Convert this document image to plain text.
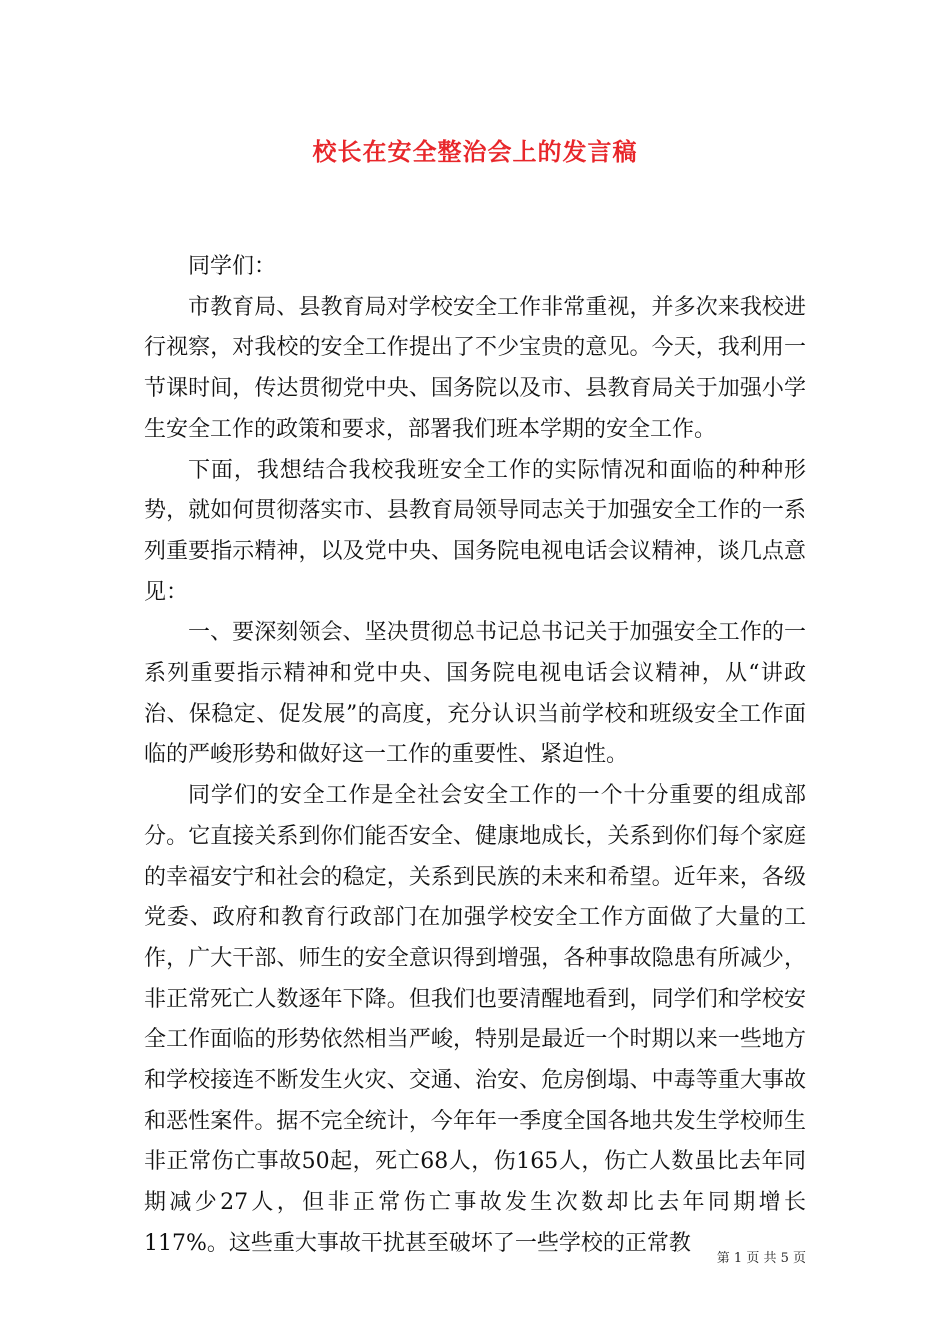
校长在安全整治会上的发言稿

同学们：

市教育局、县教育局对学校安全工作非常重视，并多次来我校进行视察，对我校的安全工作提出了不少宝贵的意见。今天，我利用一节课时间，传达贯彻党中央、国务院以及市、县教育局关于加强小学生安全工作的政策和要求，部署我们班本学期的安全工作。

下面，我想结合我校我班安全工作的实际情况和面临的种种形势，就如何贯彻落实市、县教育局领导同志关于加强安全工作的一系列重要指示精神，以及党中央、国务院电视电话会议精神，谈几点意见：

一、要深刻领会、坚决贯彻总书记总书记关于加强安全工作的一系列重要指示精神和党中央、国务院电视电话会议精神，从“讲政治、保稳定、促发展”的高度，充分认识当前学校和班级安全工作面临的严峻形势和做好这一工作的重要性、紧迫性。

同学们的安全工作是全社会安全工作的一个十分重要的组成部分。它直接关系到你们能否安全、健康地成长，关系到你们每个家庭的幸福安宁和社会的稳定，关系到民族的未来和希望。近年来，各级党委、政府和教育行政部门在加强学校安全工作方面做了大量的工作，广大干部、师生的安全意识得到增强，各种事故隐患有所减少，非正常死亡人数逐年下降。但我们也要清醒地看到，同学们和学校安全工作面临的形势依然相当严峻，特别是最近一个时期以来一些地方和学校接连不断发生火灾、交通、治安、危房倒塌、中毒等重大事故和恶性案件。据不完全统计，今年年一季度全国各地共发生学校师生非正常伤亡事故50起，死亡68人，伤165人，伤亡人数虽比去年同期减少27人，但非正常伤亡事故发生次数却比去年同期增长117%。这些重大事故干扰甚至破坏了一些学校的正常教

第 1 页 共 5 页
